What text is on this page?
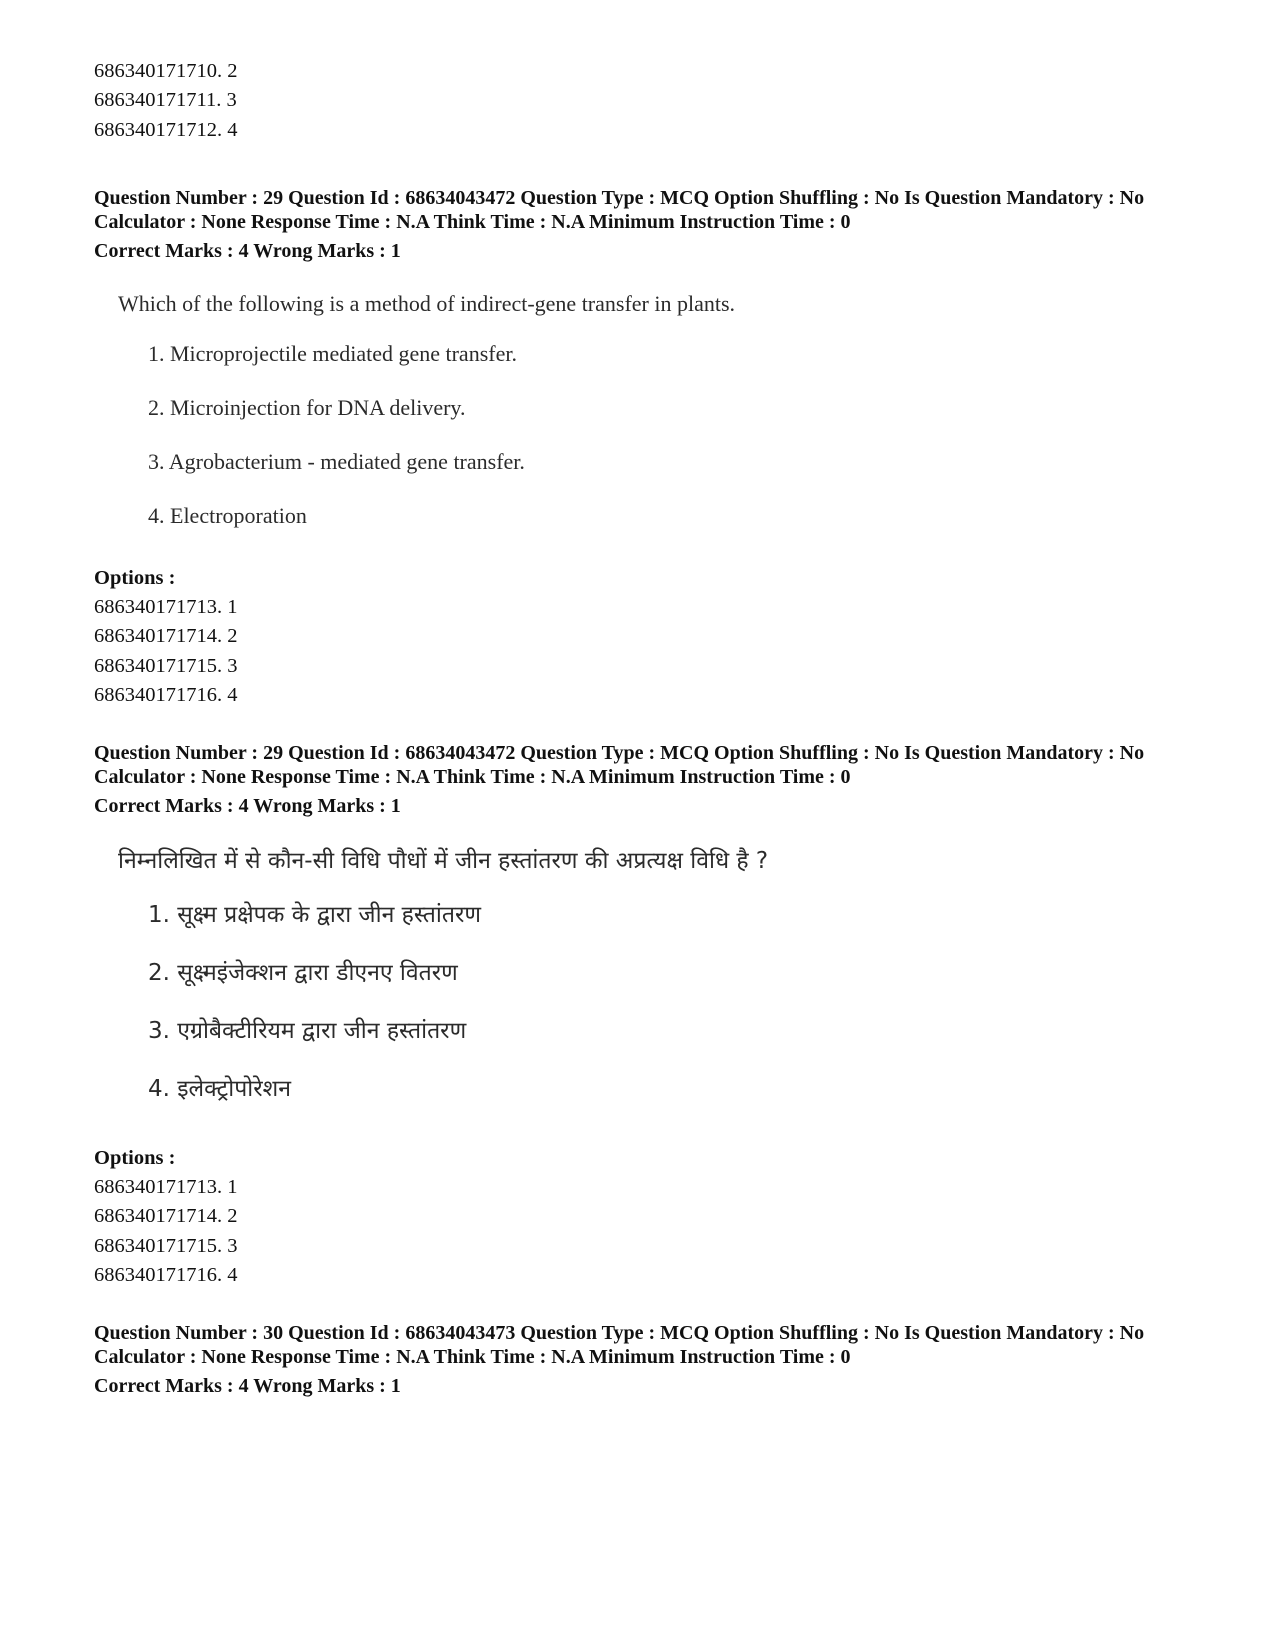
686340171710. 2
686340171711. 3
686340171712. 4
Question Number : 29 Question Id : 68634043472 Question Type : MCQ Option Shuffling : No Is Question Mandatory : No Calculator : None Response Time : N.A Think Time : N.A Minimum Instruction Time : 0
Correct Marks : 4 Wrong Marks : 1
Which of the following is a method of indirect-gene transfer in plants.
1. Microprojectile mediated gene transfer.
2. Microinjection for DNA delivery.
3. Agrobacterium - mediated gene transfer.
4. Electroporation
Options :
686340171713. 1
686340171714. 2
686340171715. 3
686340171716. 4
Question Number : 29 Question Id : 68634043472 Question Type : MCQ Option Shuffling : No Is Question Mandatory : No Calculator : None Response Time : N.A Think Time : N.A Minimum Instruction Time : 0
Correct Marks : 4 Wrong Marks : 1
निम्नलिखित में से कौन-सी विधि पौधों में जीन हस्तांतरण की अप्रत्यक्ष विधि है ?
1. सूक्ष्म प्रक्षेपक के द्वारा जीन हस्तांतरण
2. सूक्ष्मइंजेक्शन द्वारा डीएनए वितरण
3. एग्रोबैक्टीरियम द्वारा जीन हस्तांतरण
4. इलेक्ट्रोपोरेशन
Options :
686340171713. 1
686340171714. 2
686340171715. 3
686340171716. 4
Question Number : 30 Question Id : 68634043473 Question Type : MCQ Option Shuffling : No Is Question Mandatory : No Calculator : None Response Time : N.A Think Time : N.A Minimum Instruction Time : 0
Correct Marks : 4 Wrong Marks : 1
